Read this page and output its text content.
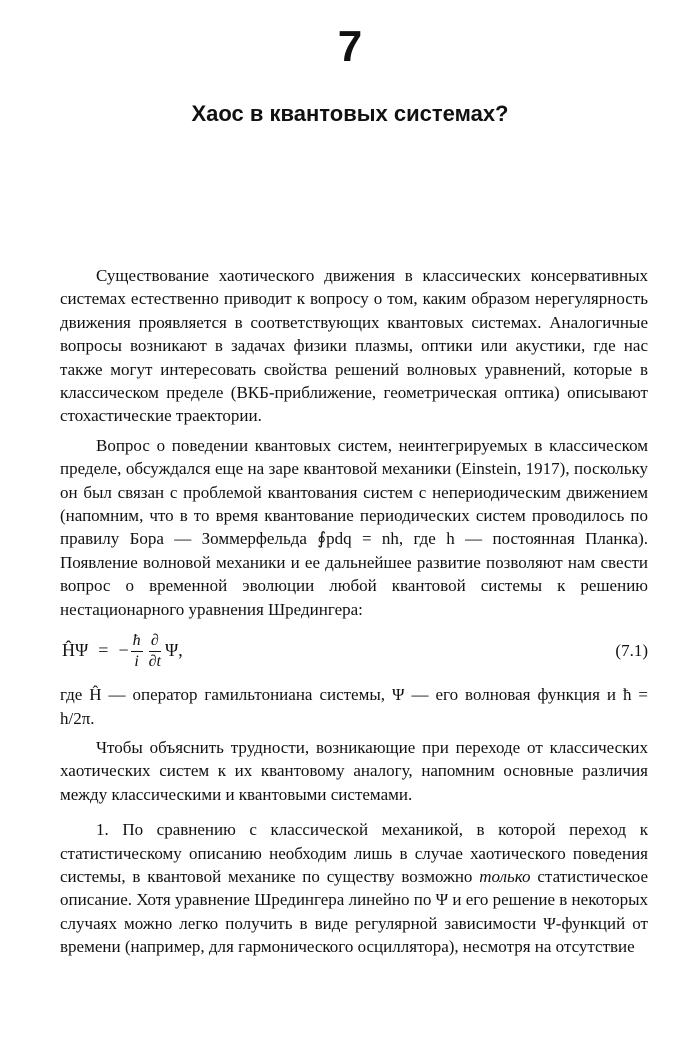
7
Хаос в квантовых системах?

Существование хаотического движения в классических консервативных системах естественно приводит к вопросу о том, каким образом нерегулярность движения проявляется в соответствующих квантовых системах. Аналогичные вопросы возникают в задачах физики плазмы, оптики или акустики, где нас также могут интересовать свойства решений волновых уравнений, которые в классическом пределе (ВКБ-приближение, геометрическая оптика) описывают стохастические траектории.

Вопрос о поведении квантовых систем, неинтегрируемых в классическом пределе, обсуждался еще на заре квантовой механики (Einstein, 1917), поскольку он был связан с проблемой квантования систем с непериодическим движением (напомним, что в то время квантование периодических систем проводилось по правилу Бора — Зоммерфельда ∮pdq = nh, где h — постоянная Планка). Появление волновой механики и ее дальнейшее развитие позволяют нам свести вопрос о временной эволюции любой квантовой системы к решению нестационарного уравнения Шредингера:

ĤΨ = − $\frac{ħ}{i} \frac{\partial}{\partial t} \Psi$,	(7.1)

где Ĥ — оператор гамильтониана системы, Ψ — его волновая функция и ħ = h/2π.

Чтобы объяснить трудности, возникающие при переходе от классических хаотических систем к их квантовому аналогу, напомним основные различия между классическими и квантовыми системами.

1. По сравнению с классической механикой, в которой переход к статистическому описанию необходим лишь в случае хаотического поведения системы, в квантовой механике по существу возможно только статистическое описание. Хотя уравнение Шредингера линейно по Ψ и его решение в некоторых случаях можно легко получить в виде регулярной зависимости Ψ-функций от времени (например, для гармонического осциллятора), несмотря на отсутствие
